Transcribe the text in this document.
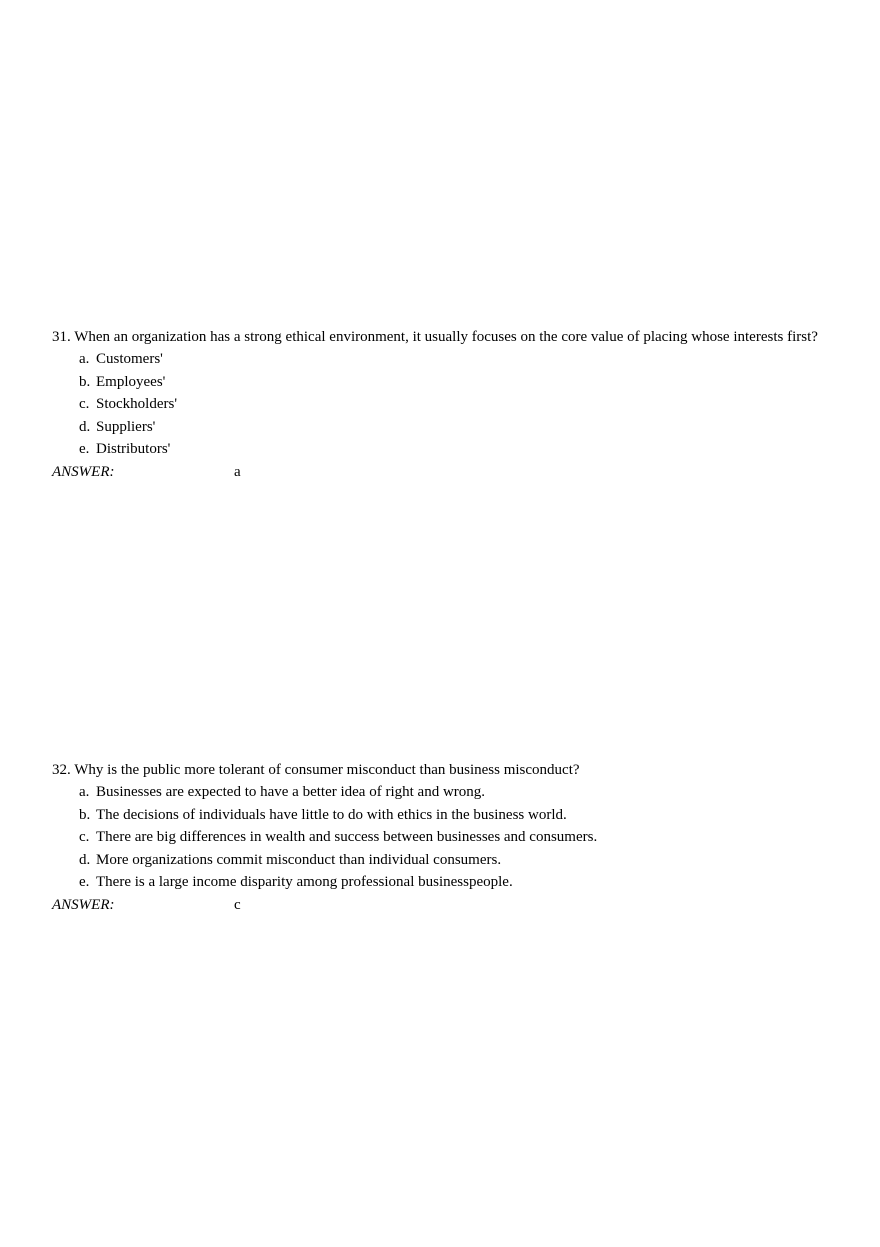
31. When an organization has a strong ethical environment, it usually focuses on the core value of placing whose interests first?

a. Customers'
b. Employees'
c. Stockholders'
d. Suppliers'
e. Distributors'
ANSWER:	a

32. Why is the public more tolerant of consumer misconduct than business misconduct?

a. Businesses are expected to have a better idea of right and wrong.
b. The decisions of individuals have little to do with ethics in the business world.
c. There are big differences in wealth and success between businesses and consumers.
d. More organizations commit misconduct than individual consumers.
e. There is a large income disparity among professional businesspeople.
ANSWER:	c
